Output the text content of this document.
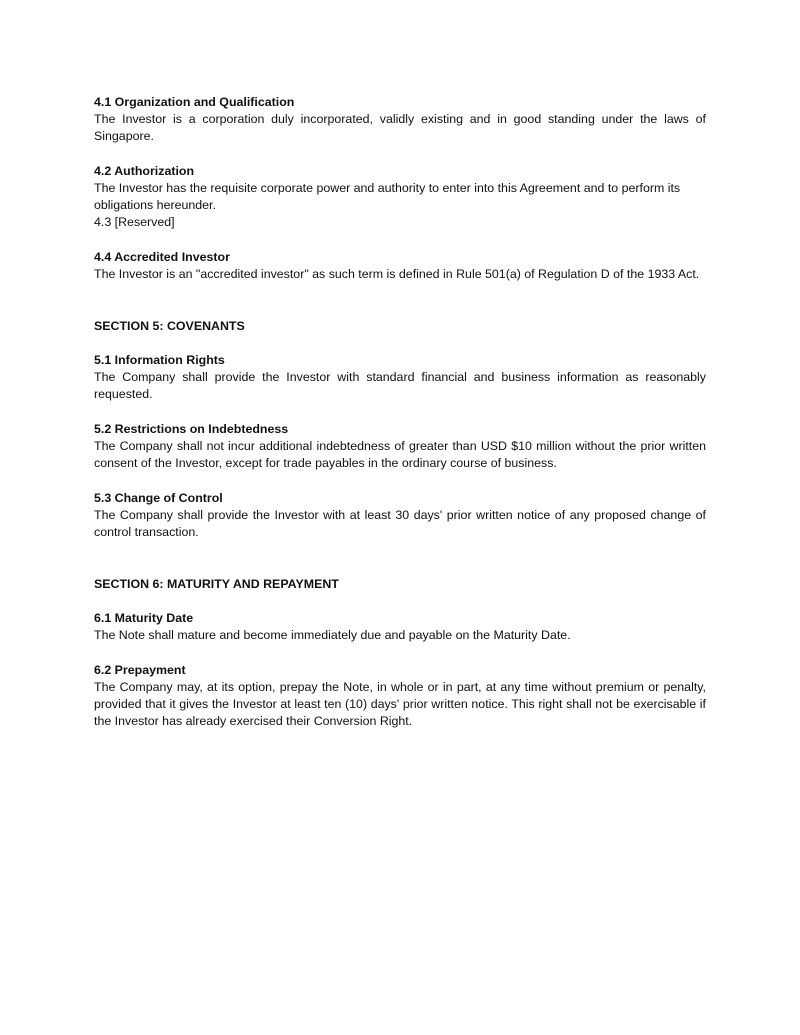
4.1 Organization and Qualification
The Investor is a corporation duly incorporated, validly existing and in good standing under the laws of Singapore.
4.2 Authorization
The Investor has the requisite corporate power and authority to enter into this Agreement and to perform its obligations hereunder.
4.3 [Reserved]
4.4 Accredited Investor
The Investor is an "accredited investor" as such term is defined in Rule 501(a) of Regulation D of the 1933 Act.
SECTION 5: COVENANTS
5.1 Information Rights
The Company shall provide the Investor with standard financial and business information as reasonably requested.
5.2 Restrictions on Indebtedness
The Company shall not incur additional indebtedness of greater than USD $10 million without the prior written consent of the Investor, except for trade payables in the ordinary course of business.
5.3 Change of Control
The Company shall provide the Investor with at least 30 days' prior written notice of any proposed change of control transaction.
SECTION 6: MATURITY AND REPAYMENT
6.1 Maturity Date
The Note shall mature and become immediately due and payable on the Maturity Date.
6.2 Prepayment
The Company may, at its option, prepay the Note, in whole or in part, at any time without premium or penalty, provided that it gives the Investor at least ten (10) days' prior written notice. This right shall not be exercisable if the Investor has already exercised their Conversion Right.
